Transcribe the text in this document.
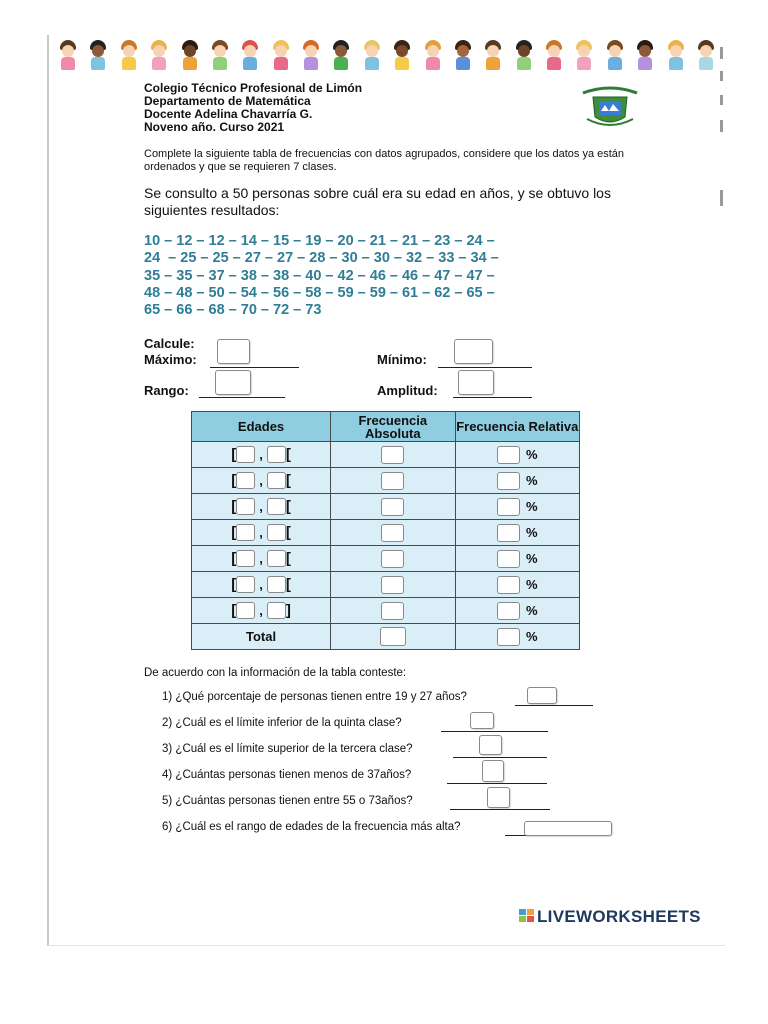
Colegio Técnico Profesional de Limón
Departamento de Matemática
Docente Adelina Chavarría G.
Noveno año. Curso 2021
Complete la siguiente tabla de frecuencias con datos agrupados, considere que los datos ya están ordenados y que se requieren 7 clases.
Se consulto a 50 personas sobre cuál era su edad en años, y se obtuvo los siguientes resultados:
10 – 12 – 12 – 14 – 15 – 19 – 20 – 21 – 21 – 23 – 24 –
24  – 25 – 25 – 27 – 27 – 28 – 30 – 30 – 32 – 33 – 34 –
35 – 35 – 37 – 38 – 38 – 40 – 42 – 46 – 46 – 47 – 47 –
48 – 48 – 50 – 54 – 56 – 58 – 59 – 59 – 61 – 62 – 65 –
65 – 66 – 68 – 70 – 72 – 73
Calcule:
Máximo:	Mínimo:
Rango:	Amplitud:
Edades	Frecuencia Absoluta	Frecuencia Relativa
[ , [		%
[ , [		%
[ , [		%
[ , [		%
[ , [		%
[ , [		%
[ , ]		%
Total		%
De acuerdo con la información de la tabla conteste:
1) ¿Qué porcentaje de personas tienen entre 19 y 27 años?
2) ¿Cuál es el límite inferior de la quinta clase?
3) ¿Cuál es el límite superior de la tercera clase?
4) ¿Cuántas personas tienen menos de 37años?
5) ¿Cuántas personas tienen entre 55 o 73años?
6) ¿Cuál es el rango de edades de la frecuencia más alta?
LIVEWORKSHEETS
